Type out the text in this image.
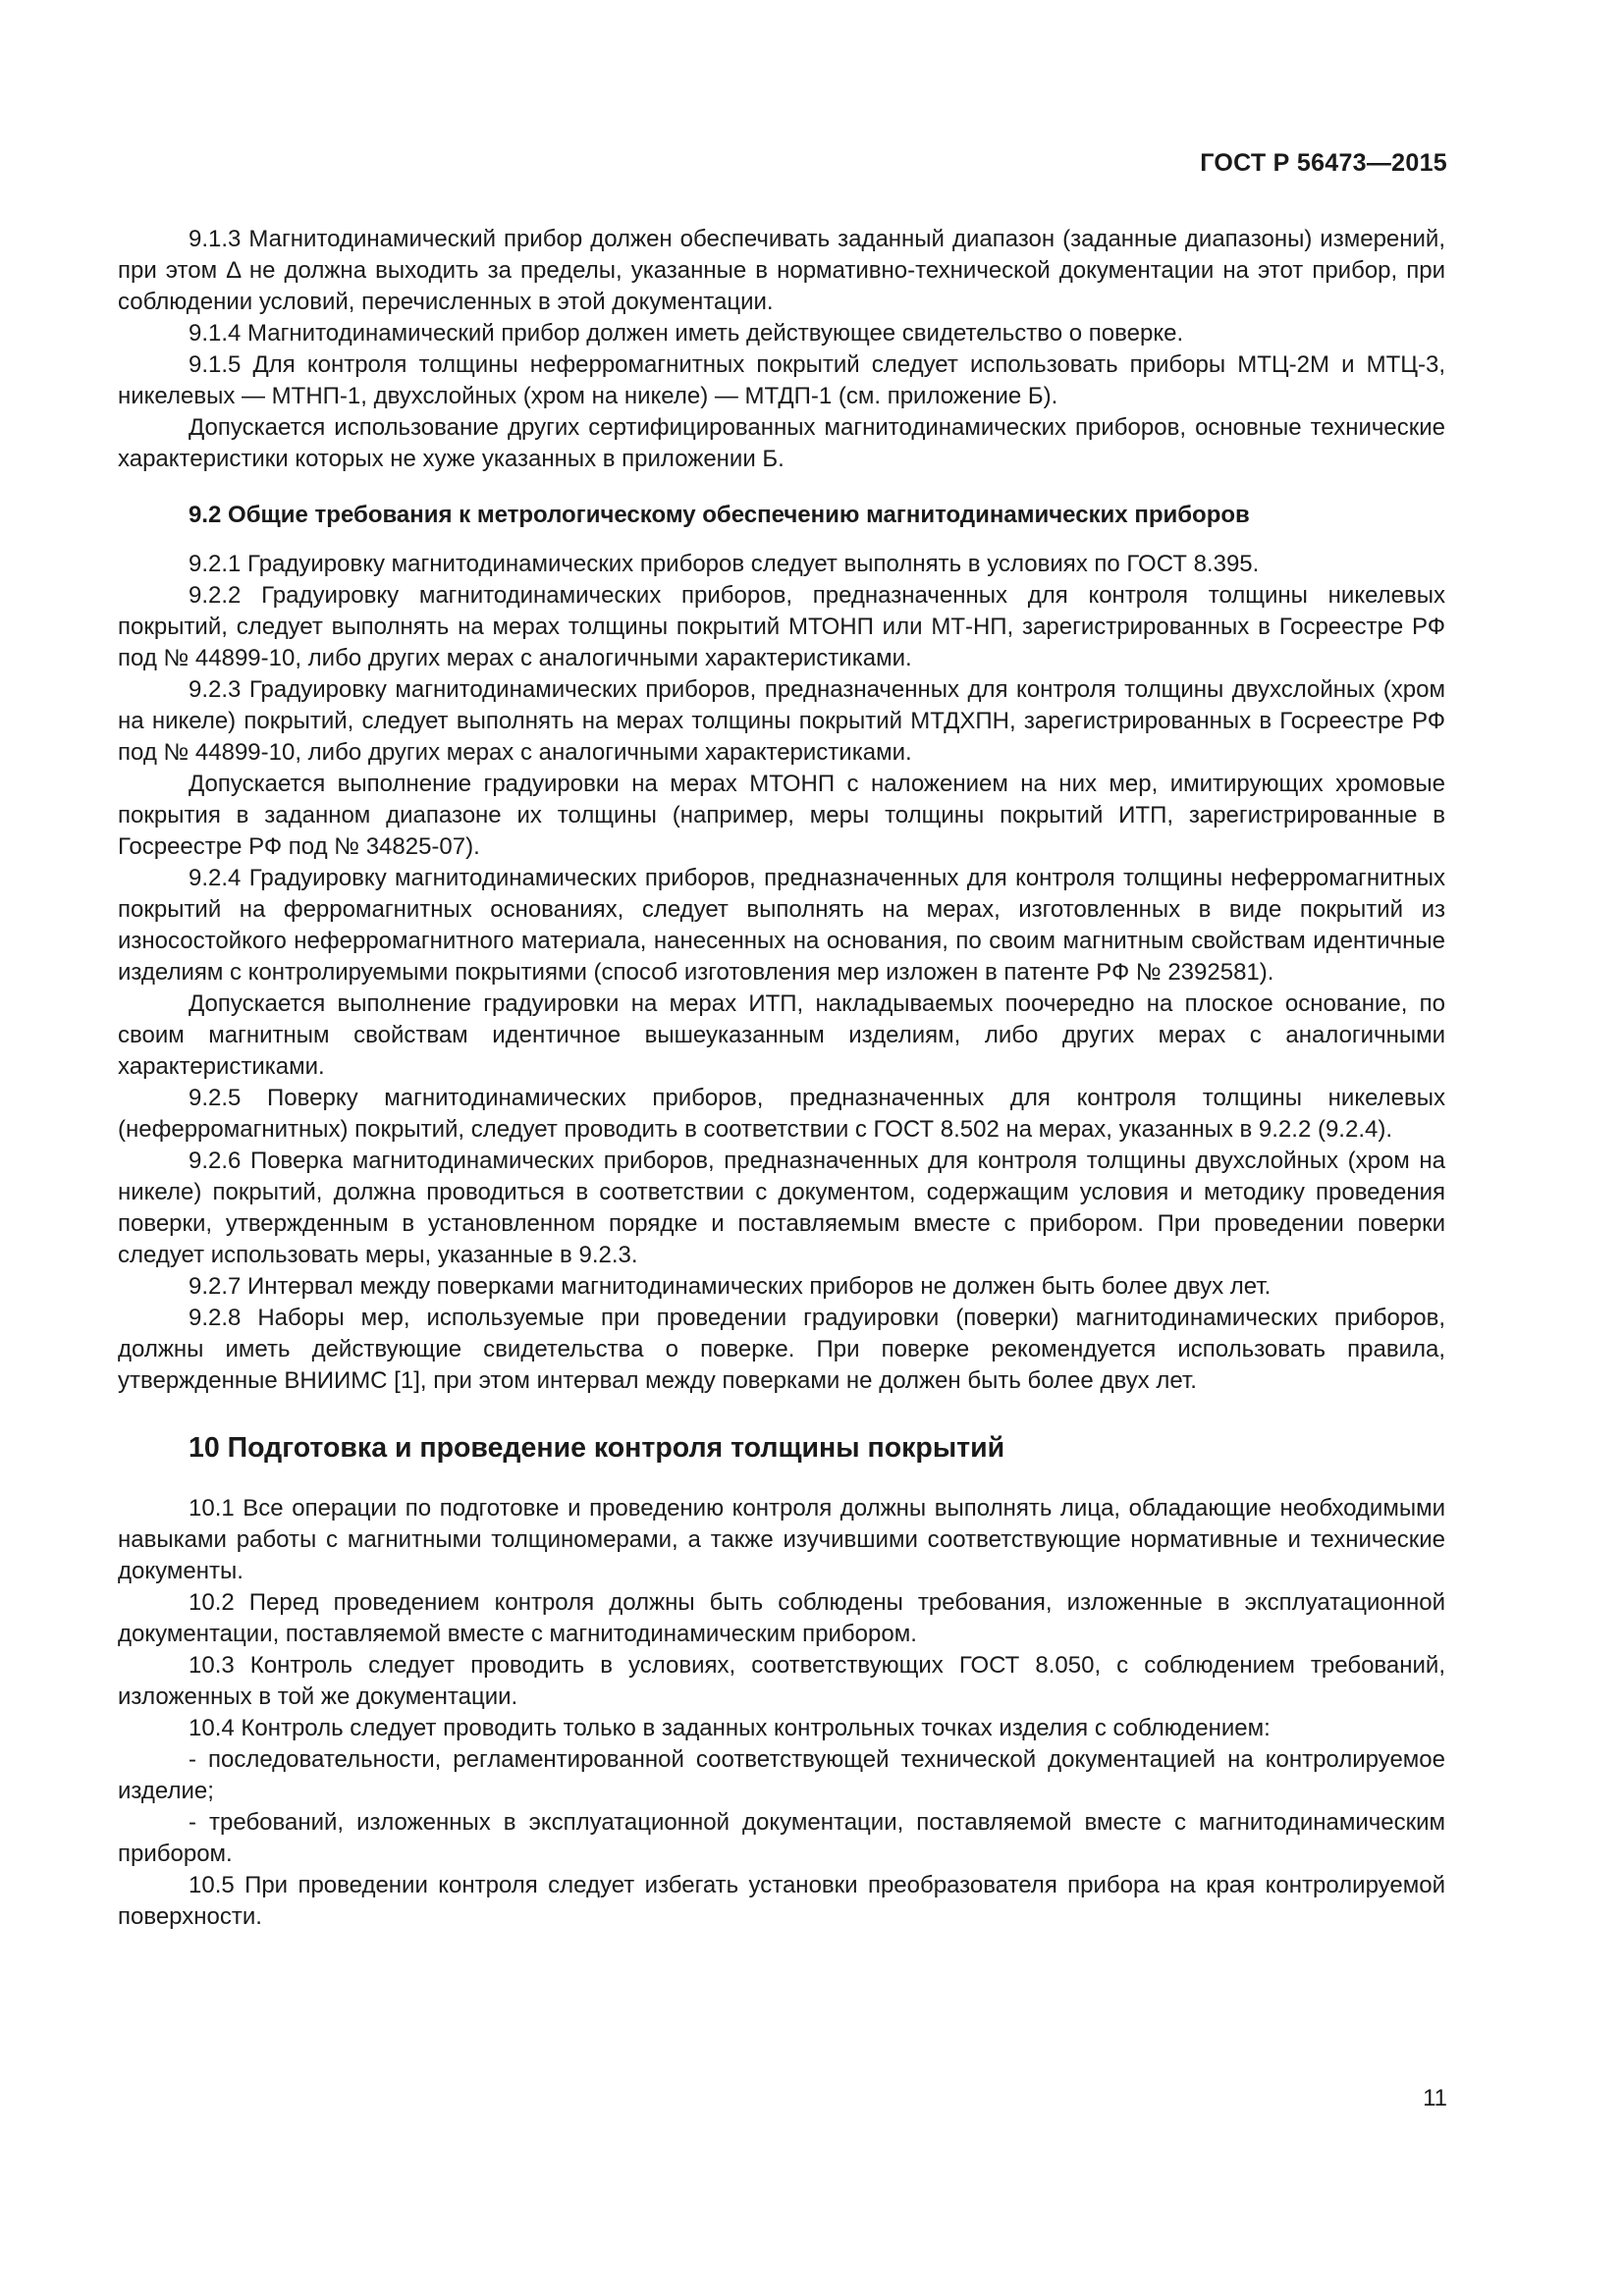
ГОСТ Р 56473—2015

9.1.3 Магнитодинамический прибор должен обеспечивать заданный диапазон (заданные диапазоны) измерений, при этом Δ не должна выходить за пределы, указанные в нормативно-технической документации на этот прибор, при соблюдении условий, перечисленных в этой документации.

9.1.4 Магнитодинамический прибор должен иметь действующее свидетельство о поверке.

9.1.5 Для контроля толщины неферромагнитных покрытий следует использовать приборы МТЦ-2М и МТЦ-3, никелевых — МТНП-1, двухслойных (хром на никеле) — МТДП-1 (см. приложение Б).

Допускается использование других сертифицированных магнитодинамических приборов, основные технические характеристики которых не хуже указанных в приложении Б.

9.2 Общие требования к метрологическому обеспечению магнитодинамических приборов

9.2.1 Градуировку магнитодинамических приборов следует выполнять в условиях по ГОСТ 8.395.

9.2.2 Градуировку магнитодинамических приборов, предназначенных для контроля толщины никелевых покрытий, следует выполнять на мерах толщины покрытий МТОНП или МТ-НП, зарегистрированных в Госреестре РФ под № 44899-10, либо других мерах с аналогичными характеристиками.

9.2.3 Градуировку магнитодинамических приборов, предназначенных для контроля толщины двухслойных (хром на никеле) покрытий, следует выполнять на мерах толщины покрытий МТДХПН, зарегистрированных в Госреестре РФ под № 44899-10, либо других мерах с аналогичными характеристиками.

Допускается выполнение градуировки на мерах МТОНП с наложением на них мер, имитирующих хромовые покрытия в заданном диапазоне их толщины (например, меры толщины покрытий ИТП, зарегистрированные в Госреестре РФ под № 34825-07).

9.2.4 Градуировку магнитодинамических приборов, предназначенных для контроля толщины неферромагнитных покрытий на ферромагнитных основаниях, следует выполнять на мерах, изготовленных в виде покрытий из износостойкого неферромагнитного материала, нанесенных на основания, по своим магнитным свойствам идентичные изделиям с контролируемыми покрытиями (способ изготовления мер изложен в патенте РФ № 2392581).

Допускается выполнение градуировки на мерах ИТП, накладываемых поочередно на плоское основание, по своим магнитным свойствам идентичное вышеуказанным изделиям, либо других мерах с аналогичными характеристиками.

9.2.5 Поверку магнитодинамических приборов, предназначенных для контроля толщины никелевых (неферромагнитных) покрытий, следует проводить в соответствии с ГОСТ 8.502 на мерах, указанных в 9.2.2 (9.2.4).

9.2.6 Поверка магнитодинамических приборов, предназначенных для контроля толщины двухслойных (хром на никеле) покрытий, должна проводиться в соответствии с документом, содержащим условия и методику проведения поверки, утвержденным в установленном порядке и поставляемым вместе с прибором. При проведении поверки следует использовать меры, указанные в 9.2.3.

9.2.7 Интервал между поверками магнитодинамических приборов не должен быть более двух лет.

9.2.8 Наборы мер, используемые при проведении градуировки (поверки) магнитодинамических приборов, должны иметь действующие свидетельства о поверке. При поверке рекомендуется использовать правила, утвержденные ВНИИМС [1], при этом интервал между поверками не должен быть более двух лет.

10 Подготовка и проведение контроля толщины покрытий

10.1 Все операции по подготовке и проведению контроля должны выполнять лица, обладающие необходимыми навыками работы с магнитными толщиномерами, а также изучившими соответствующие нормативные и технические документы.

10.2 Перед проведением контроля должны быть соблюдены требования, изложенные в эксплуатационной документации, поставляемой вместе с магнитодинамическим прибором.

10.3 Контроль следует проводить в условиях, соответствующих ГОСТ 8.050, с соблюдением требований, изложенных в той же документации.

10.4 Контроль следует проводить только в заданных контрольных точках изделия с соблюдением:

- последовательности, регламентированной соответствующей технической документацией на контролируемое изделие;

- требований, изложенных в эксплуатационной документации, поставляемой вместе с магнитодинамическим прибором.

10.5 При проведении контроля следует избегать установки преобразователя прибора на края контролируемой поверхности.

11
